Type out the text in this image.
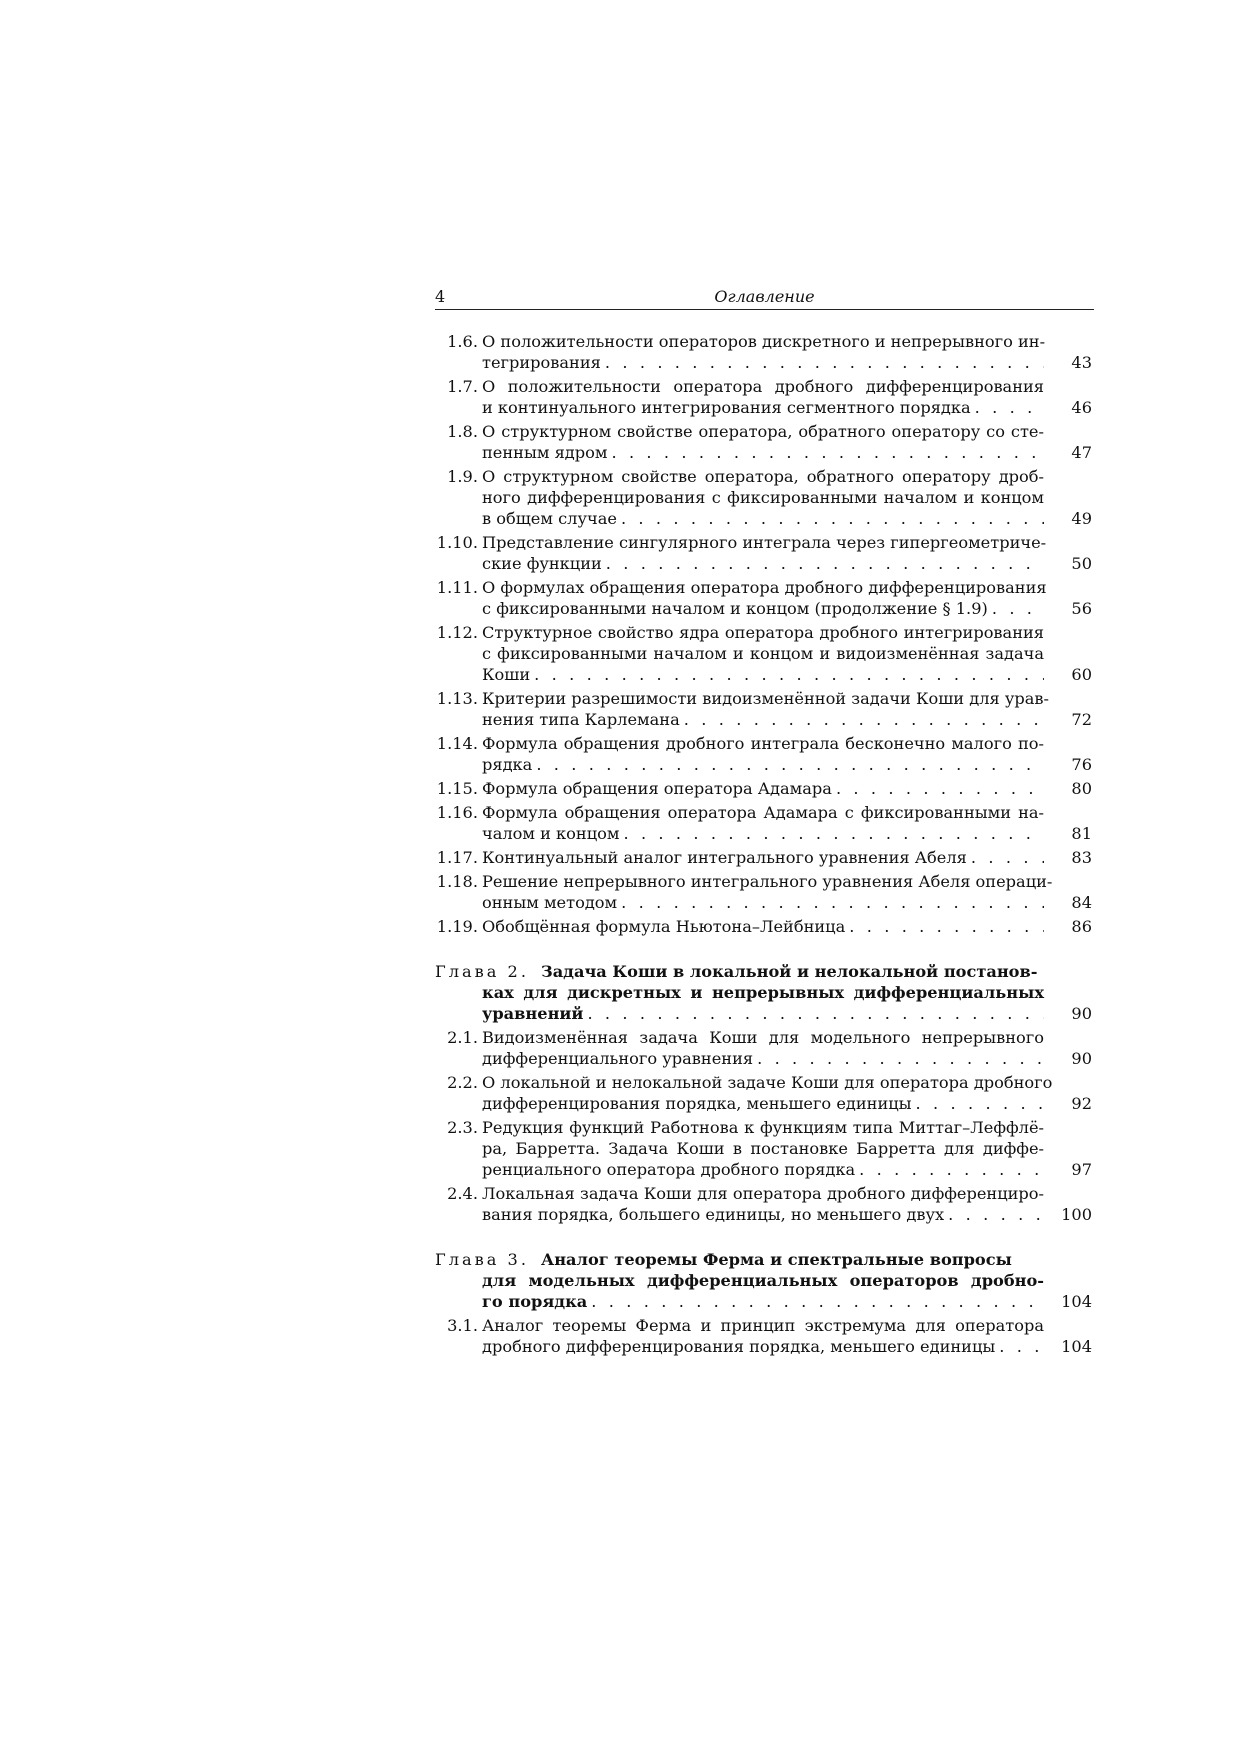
4	Оглавление
1.6. О положительности операторов дискретного и непрерывного ин-
тегрирования . . .	43
1.7. О положительности оператора дробного дифференцирования
и континуального интегрирования сегментного порядка . . .	46
1.8. О структурном свойстве оператора, обратного оператору со сте-
пенным ядром . . .	47
1.9. О структурном свойстве оператора, обратного оператору дроб-
ного дифференцирования с фиксированными началом и концом
в общем случае . . .	49
1.10. Представление сингулярного интеграла через гипергеометриче-
ские функции . . .	50
1.11. О формулах обращения оператора дробного дифференцирования
с фиксированными началом и концом (продолжение § 1.9) . . .	56
1.12. Структурное свойство ядра оператора дробного интегрирования
с фиксированными началом и концом и видоизменённая задача
Коши . . .	60
1.13. Критерии разрешимости видоизменённой задачи Коши для урав-
нения типа Карлемана . . .	72
1.14. Формула обращения дробного интеграла бесконечно малого по-
рядка . . .	76
1.15. Формула обращения оператора Адамара . . .	80
1.16. Формула обращения оператора Адамара с фиксированными на-
чалом и концом . . .	81
1.17. Континуальный аналог интегрального уравнения Абеля . . .	83
1.18. Решение непрерывного интегрального уравнения Абеля операци-
онным методом . . .	84
1.19. Обобщённая формула Ньютона–Лейбница . . .	86
Глава 2. Задача Коши в локальной и нелокальной постанов-
ках для дискретных и непрерывных дифференциальных
уравнений . . .	90
2.1. Видоизменённая задача Коши для модельного непрерывного
дифференциального уравнения . . .	90
2.2. О локальной и нелокальной задаче Коши для оператора дробного
дифференцирования порядка, меньшего единицы . . .	92
2.3. Редукция функций Работнова к функциям типа Миттаг–Леффлё-
ра, Барретта. Задача Коши в постановке Барретта для диффе-
ренциального оператора дробного порядка . . .	97
2.4. Локальная задача Коши для оператора дробного дифференциро-
вания порядка, большего единицы, но меньшего двух . . .	100
Глава 3. Аналог теоремы Ферма и спектральные вопросы
для модельных дифференциальных операторов дробно-
го порядка . . .	104
3.1. Аналог теоремы Ферма и принцип экстремума для оператора
дробного дифференцирования порядка, меньшего единицы . . .	104
